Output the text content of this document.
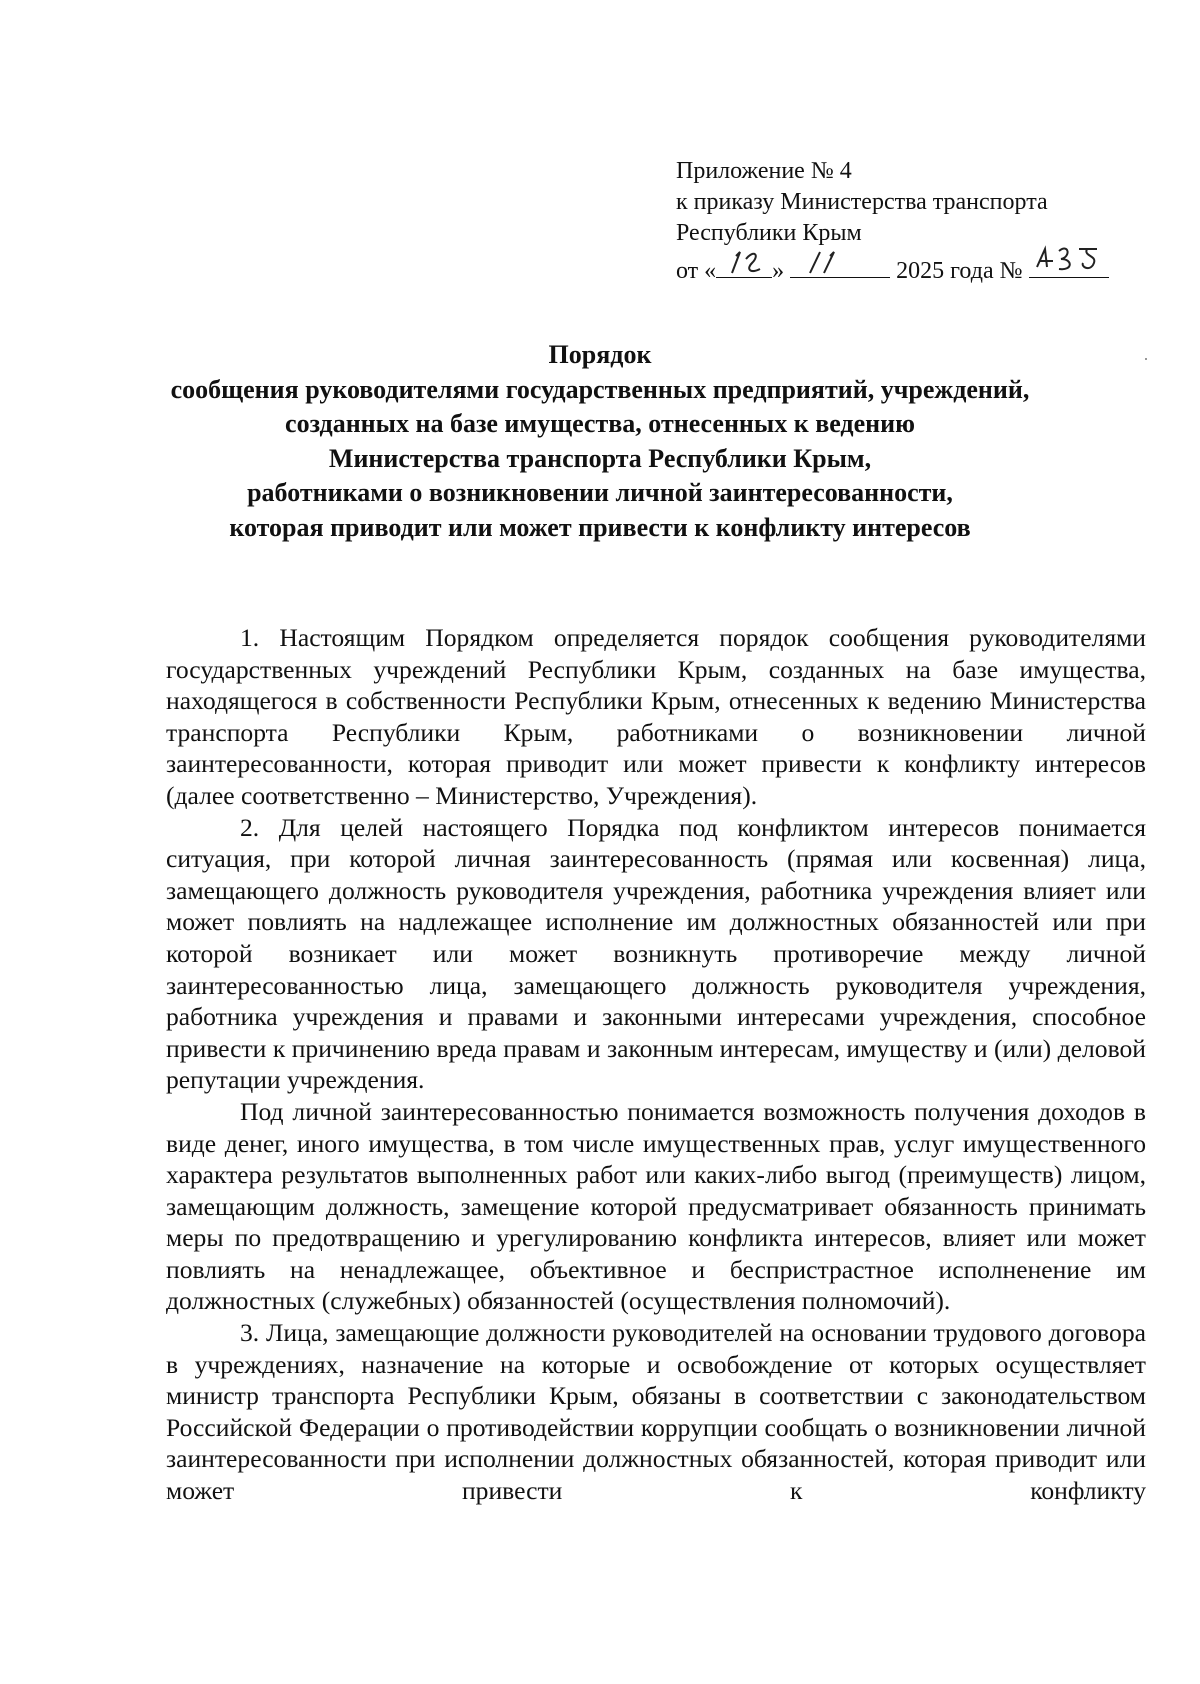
Приложение № 4
к приказу Министерства транспорта
Республики Крым
от « »	2025 года №
Порядок
сообщения руководителями государственных предприятий, учреждений,
созданных на базе имущества, отнесенных к ведению
Министерства транспорта Республики Крым,
работниками о возникновении личной заинтересованности,
которая приводит или может привести к конфликту интересов

1. Настоящим Порядком определяется порядок сообщения руководителями государственных учреждений Республики Крым, созданных на базе имущества, находящегося в собственности Республики Крым, отнесенных к ведению Министерства транспорта Республики Крым, работниками о возникновении личной заинтересованности, которая приводит или может привести к конфликту интересов (далее соответственно – Министерство, Учреждения).

2. Для целей настоящего Порядка под конфликтом интересов понимается ситуация, при которой личная заинтересованность (прямая или косвенная) лица, замещающего должность руководителя учреждения, работника учреждения влияет или может повлиять на надлежащее исполнение им должностных обязанностей или при которой возникает или может возникнуть противоречие между личной заинтересованностью лица, замещающего должность руководителя учреждения, работника учреждения и правами и законными интересами учреждения, способное привести к причинению вреда правам и законным интересам, имуществу и (или) деловой репутации учреждения.

Под личной заинтересованностью понимается возможность получения доходов в виде денег, иного имущества, в том числе имущественных прав, услуг имущественного характера результатов выполненных работ или каких-либо выгод (преимуществ) лицом, замещающим должность, замещение которой предусматривает обязанность принимать меры по предотвращению и урегулированию конфликта интересов, влияет или может повлиять на ненадлежащее, объективное и беспристрастное исполненение им должностных (служебных) обязанностей (осуществления полномочий).

3. Лица, замещающие должности руководителей на основании трудового договора в учреждениях, назначение на которые и освобождение от которых осуществляет министр транспорта Республики Крым, обязаны в соответствии с законодательством Российской Федерации о противодействии коррупции сообщать о возникновении личной заинтересованности при исполнении должностных обязанностей, которая приводит или может привести к конфликту
